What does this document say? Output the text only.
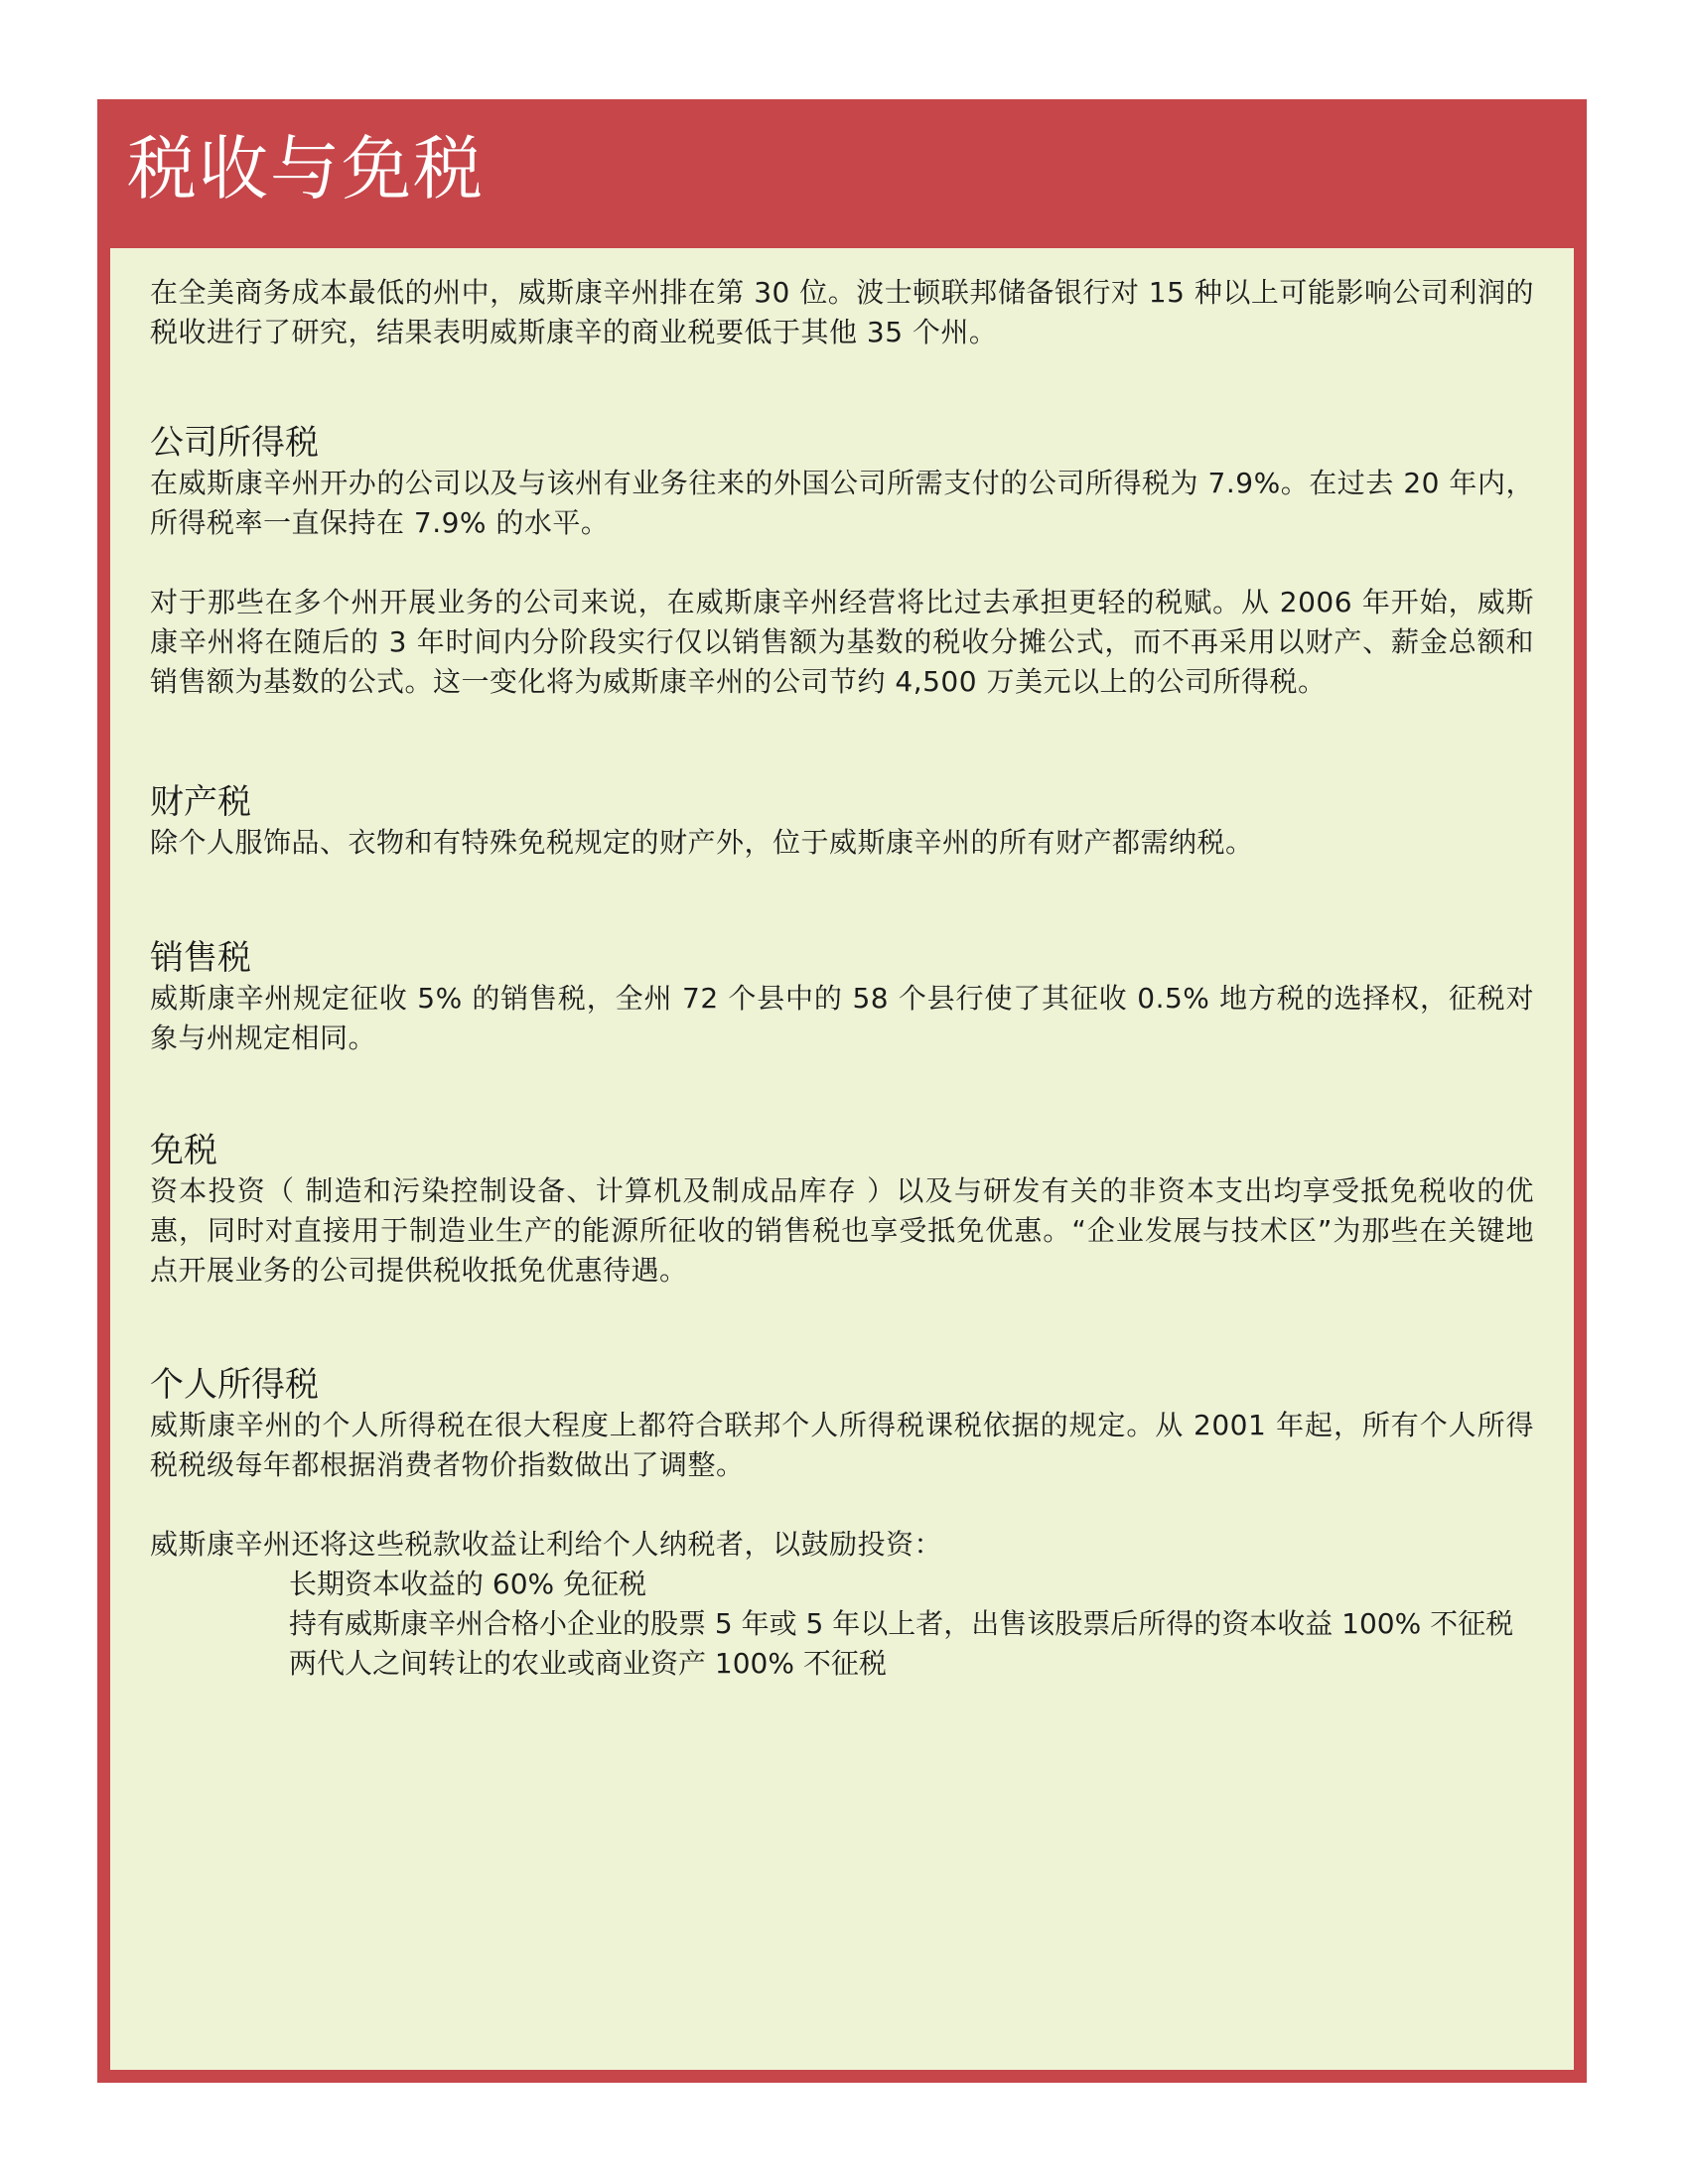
税收与免税

在全美商务成本最低的州中，威斯康辛州排在第 30 位。波士顿联邦储备银行对 15 种以上可能影响公司利润的税收进行了研究，结果表明威斯康辛的商业税要低于其他 35 个州。

公司所得税

在威斯康辛州开办的公司以及与该州有业务往来的外国公司所需支付的公司所得税为 7.9%。在过去 20 年内，所得税率一直保持在 7.9% 的水平。

对于那些在多个州开展业务的公司来说，在威斯康辛州经营将比过去承担更轻的税赋。从 2006 年开始，威斯康辛州将在随后的 3 年时间内分阶段实行仅以销售额为基数的税收分摊公式，而不再采用以财产、薪金总额和销售额为基数的公式。这一变化将为威斯康辛州的公司节约 4,500 万美元以上的公司所得税。

财产税

除个人服饰品、衣物和有特殊免税规定的财产外，位于威斯康辛州的所有财产都需纳税。

销售税

威斯康辛州规定征收 5% 的销售税，全州 72 个县中的 58 个县行使了其征收 0.5% 地方税的选择权，征税对象与州规定相同。

免税

资本投资（ 制造和污染控制设备、计算机及制成品库存 ）以及与研发有关的非资本支出均享受抵免税收的优惠，同时对直接用于制造业生产的能源所征收的销售税也享受抵免优惠。“企业发展与技术区”为那些在关键地点开展业务的公司提供税收抵免优惠待遇。

个人所得税

威斯康辛州的个人所得税在很大程度上都符合联邦个人所得税课税依据的规定。从 2001 年起，所有个人所得税税级每年都根据消费者物价指数做出了调整。

威斯康辛州还将这些税款收益让利给个人纳税者，以鼓励投资：

长期资本收益的 60% 免征税
持有威斯康辛州合格小企业的股票 5 年或 5 年以上者，出售该股票后所得的资本收益 100% 不征税
两代人之间转让的农业或商业资产 100% 不征税
